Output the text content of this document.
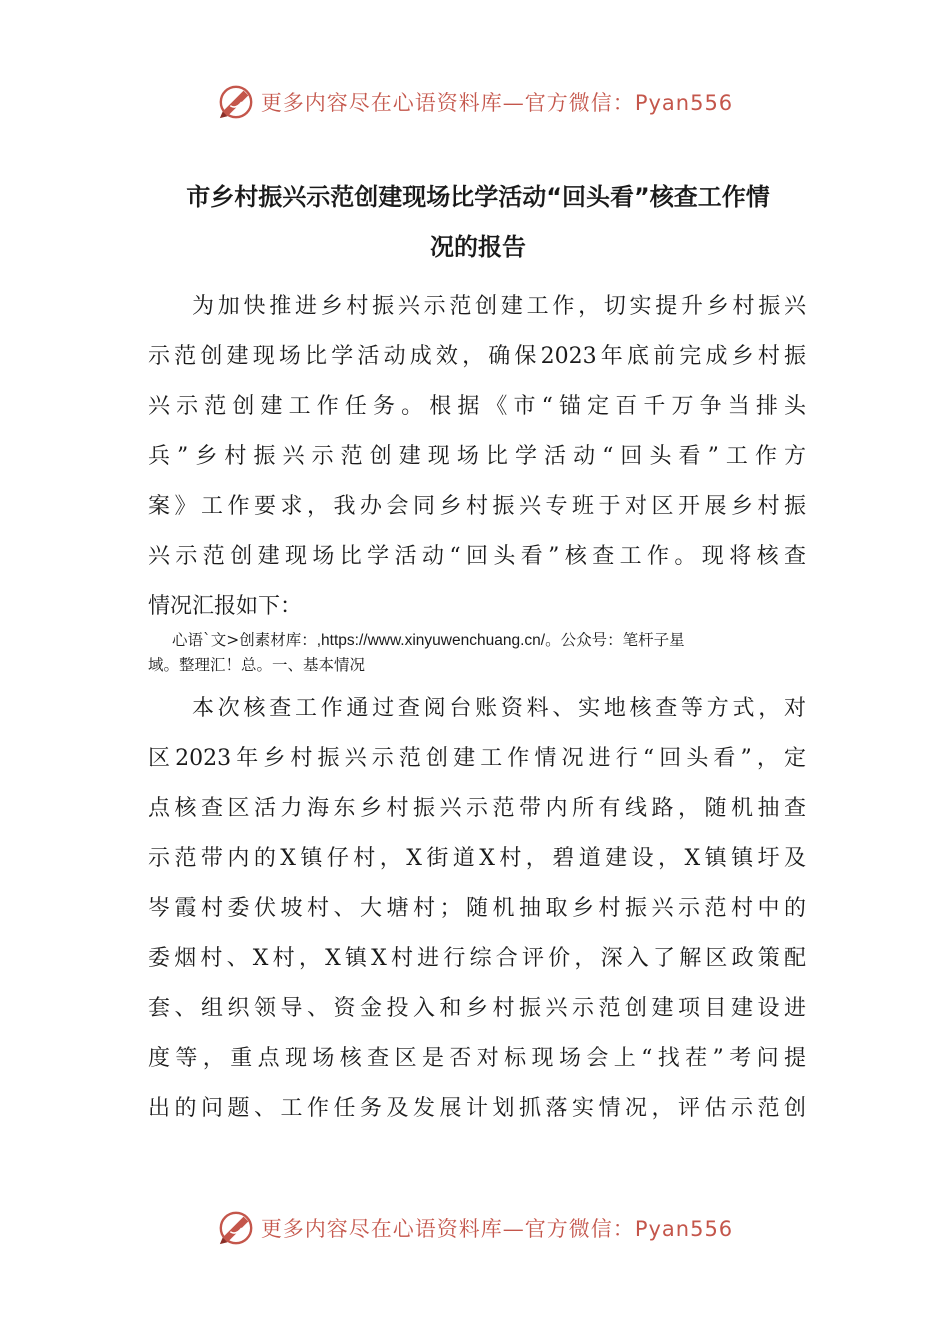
更多内容尽在心语资料库—官方微信：Pyan556
市乡村振兴示范创建现场比学活动“回头看”核查工作情
况的报告
为加快推进乡村振兴示范创建工作，切实提升乡村振兴
示范创建现场比学活动成效，确保2023年底前完成乡村振
兴示范创建工作任务。根据《市“锚定百千万争当排头
兵”乡村振兴示范创建现场比学活动“回头看”工作方
案》工作要求，我办会同乡村振兴专班于对区开展乡村振
兴示范创建现场比学活动“回头看”核查工作。现将核查
情况汇报如下：
心语`文>创素材库：,https://www.xinyuwenchuang.cn/。公众号：笔杆子星
域。整理汇！总。一、基本情况
本次核查工作通过查阅台账资料、实地核查等方式，对
区2023年乡村振兴示范创建工作情况进行“回头看”，定
点核查区活力海东乡村振兴示范带内所有线路，随机抽查
示范带内的X镇仔村，X街道X村，碧道建设，X镇镇圩及
岑霞村委伏坡村、大塘村；随机抽取乡村振兴示范村中的
委烟村、X村，X镇X村进行综合评价，深入了解区政策配
套、组织领导、资金投入和乡村振兴示范创建项目建设进
度等，重点现场核查区是否对标现场会上“找茬”考问提
出的问题、工作任务及发展计划抓落实情况，评估示范创
更多内容尽在心语资料库—官方微信：Pyan556
